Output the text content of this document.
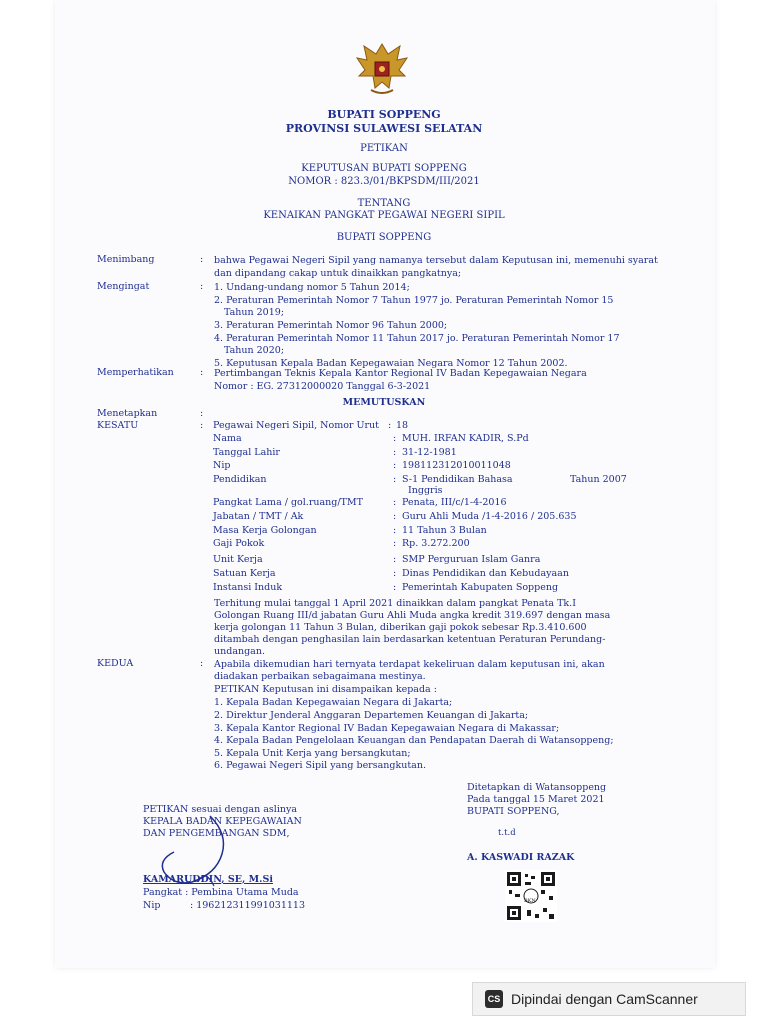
BUPATI SOPPENG
PROVINSI SULAWESI SELATAN
PETIKAN
KEPUTUSAN BUPATI SOPPENG
NOMOR : 823.3/01/BKPSDM/III/2021
TENTANG
KENAIKAN PANGKAT PEGAWAI NEGERI SIPIL
BUPATI SOPPENG
Menimbang	: bahwa Pegawai Negeri Sipil yang namanya tersebut dalam Keputusan ini, memenuhi syarat dan dipandang cakap untuk dinaikkan pangkatnya;
Mengingat	: 1. Undang-undang nomor 5 Tahun 2014;
2. Peraturan Pemerintah Nomor 7 Tahun 1977 jo. Peraturan Pemerintah Nomor 15
Tahun 2019;
3. Peraturan Pemerintah Nomor 96 Tahun 2000;
4. Peraturan Pemerintah Nomor 11 Tahun 2017 jo. Peraturan Pemerintah Nomor 17
Tahun 2020;
5. Keputusan Kepala Badan Kepegawaian Negara Nomor 12 Tahun 2002.
Memperhatikan	: Pertimbangan Teknis Kepala Kantor Regional IV Badan Kepegawaian Negara
Nomor : EG. 27312000020 Tanggal 6-3-2021
MEMUTUSKAN
Menetapkan	:
KESATU	: Pegawai Negeri Sipil, Nomor Urut : 18
Nama	: MUH. IRFAN KADIR, S.Pd
Tanggal Lahir	: 31-12-1981
Nip	: 198112312010011048
Pendidikan	: S-1 Pendidikan Bahasa	Tahun 2007
Inggris
Pangkat Lama / gol.ruang/TMT	: Penata, III/c/1-4-2016
Jabatan / TMT / Ak	: Guru Ahli Muda /1-4-2016 / 205.635
Masa Kerja Golongan	: 11 Tahun 3 Bulan
Gaji Pokok	: Rp. 3.272.200
Unit Kerja	: SMP Perguruan Islam Ganra
Satuan Kerja	: Dinas Pendidikan dan Kebudayaan
Instansi Induk	: Pemerintah Kabupaten Soppeng
Terhitung mulai tanggal 1 April 2021 dinaikkan dalam pangkat Penata Tk.I
Golongan Ruang III/d jabatan Guru Ahli Muda angka kredit 319.697 dengan masa
kerja golongan 11 Tahun 3 Bulan, diberikan gaji pokok sebesar Rp.3.410.600
ditambah dengan penghasilan lain berdasarkan ketentuan Peraturan Perundang-
undangan.
KEDUA	: Apabila dikemudian hari ternyata terdapat kekeliruan dalam keputusan ini, akan
diadakan perbaikan sebagaimana mestinya.
PETIKAN Keputusan ini disampaikan kepada :
1. Kepala Badan Kepegawaian Negara di Jakarta;
2. Direktur Jenderal Anggaran Departemen Keuangan di Jakarta;
3. Kepala Kantor Regional IV Badan Kepegawaian Negara di Makassar;
4. Kepala Badan Pengelolaan Keuangan dan Pendapatan Daerah di Watansoppeng;
5. Kepala Unit Kerja yang bersangkutan;
6. Pegawai Negeri Sipil yang bersangkutan.
Ditetapkan di Watansoppeng
Pada tanggal 15 Maret 2021
BUPATI SOPPENG,
t.t.d
A. KASWADI RAZAK
PETIKAN sesuai dengan aslinya
KEPALA BADAN KEPEGAWAIAN
DAN PENGEMBANGAN SDM,
KAMARUDDIN, SE, M.Si
Pangkat : Pembina Utama Muda
Nip	: 196212311991031113	BKN
CS Dipindai dengan CamScanner
